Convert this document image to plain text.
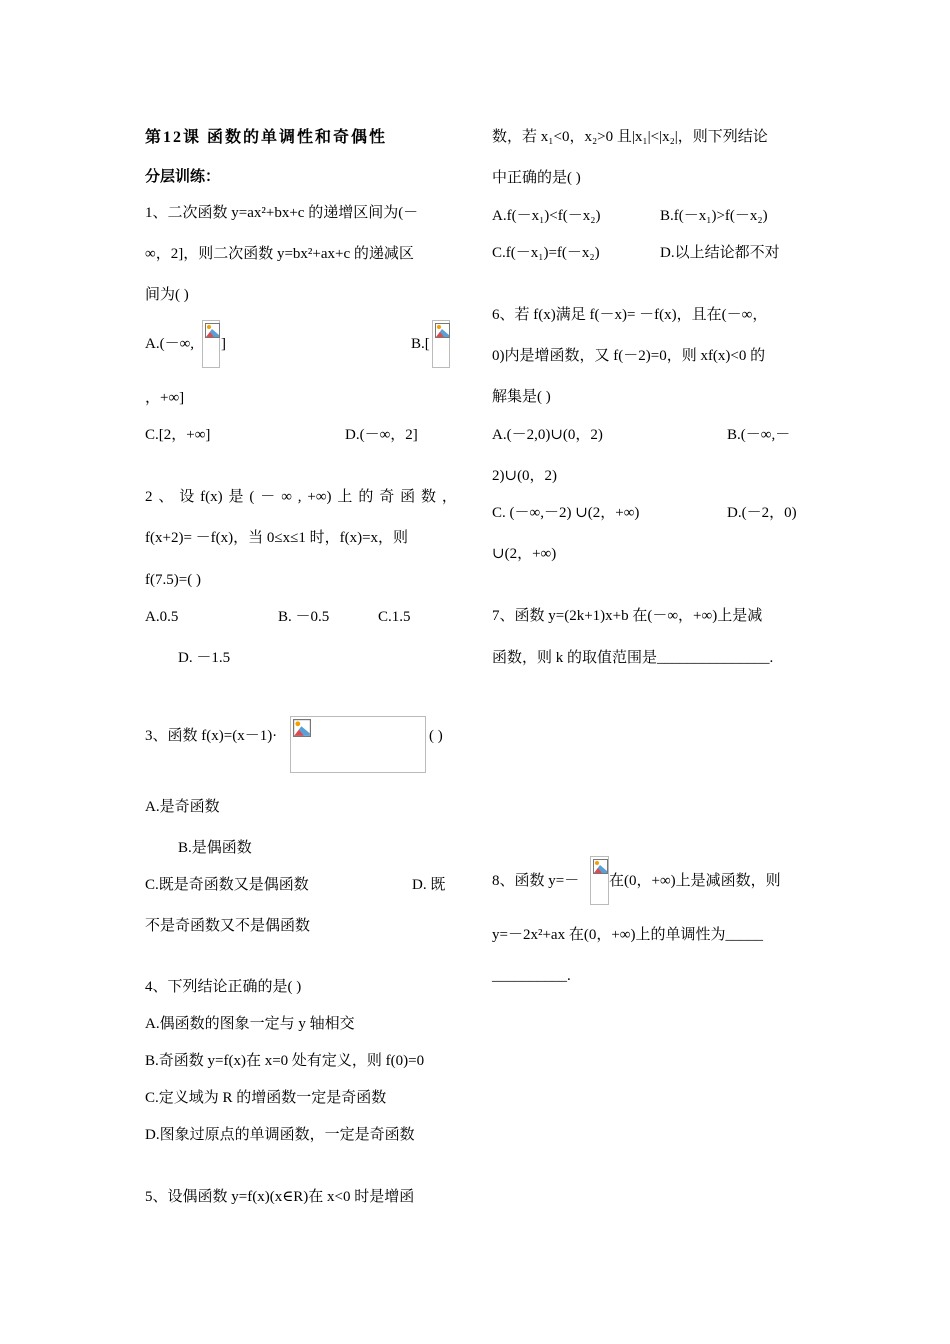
第12课 函数的单调性和奇偶性
分层训练：
1、二次函数 y=ax²+bx+c 的递增区间为(－
∞，2]，则二次函数 y=bx²+ax+c 的递减区
间为( )
A.(－∞, ]	B.[
，+∞]
C.[2，+∞]	D.(－∞，2]
2 、 设 f(x) 是 ( － ∞ , +∞) 上 的 奇 函 数 ，
f(x+2)= －f(x)，当 0≤x≤1 时，f(x)=x，则
f(7.5)=( )
A.0.5	B. －0.5	C.1.5
D. －1.5
3、函数 f(x)=(x－1)·	( )
A.是奇函数
B.是偶函数
C.既是奇函数又是偶函数	D. 既
不是奇函数又不是偶函数
4、下列结论正确的是( )
A.偶函数的图象一定与 y 轴相交
B.奇函数 y=f(x)在 x=0 处有定义，则 f(0)=0
C.定义域为 R 的增函数一定是奇函数
D.图象过原点的单调函数，一定是奇函数
5、设偶函数 y=f(x)(x∈R)在 x<0 时是增函
数，若 x₁<0，x₂>0 且|x₁|<|x₂|，则下列结论
中正确的是( )
A.f(－x₁)<f(－x₂)	B.f(－x₁)>f(－x₂)
C.f(－x₁)=f(－x₂)	D.以上结论都不对
6、若 f(x)满足 f(－x)= －f(x)，且在(－∞，
0)内是增函数，又 f(－2)=0，则 xf(x)<0 的
解集是( )
A.(－2,0)∪(0，2)	B.(－∞,－
2)∪(0，2)
C. (－∞,－2) ∪(2，+∞)	D.(－2，0)
∪(2，+∞)
7、函数 y=(2k+1)x+b 在(－∞，+∞)上是减
函数，则 k 的取值范围是_______________.
8、函数 y=－ 在(0，+∞)上是减函数，则
y=－2x²+ax 在(0，+∞)上的单调性为_____
__________.
